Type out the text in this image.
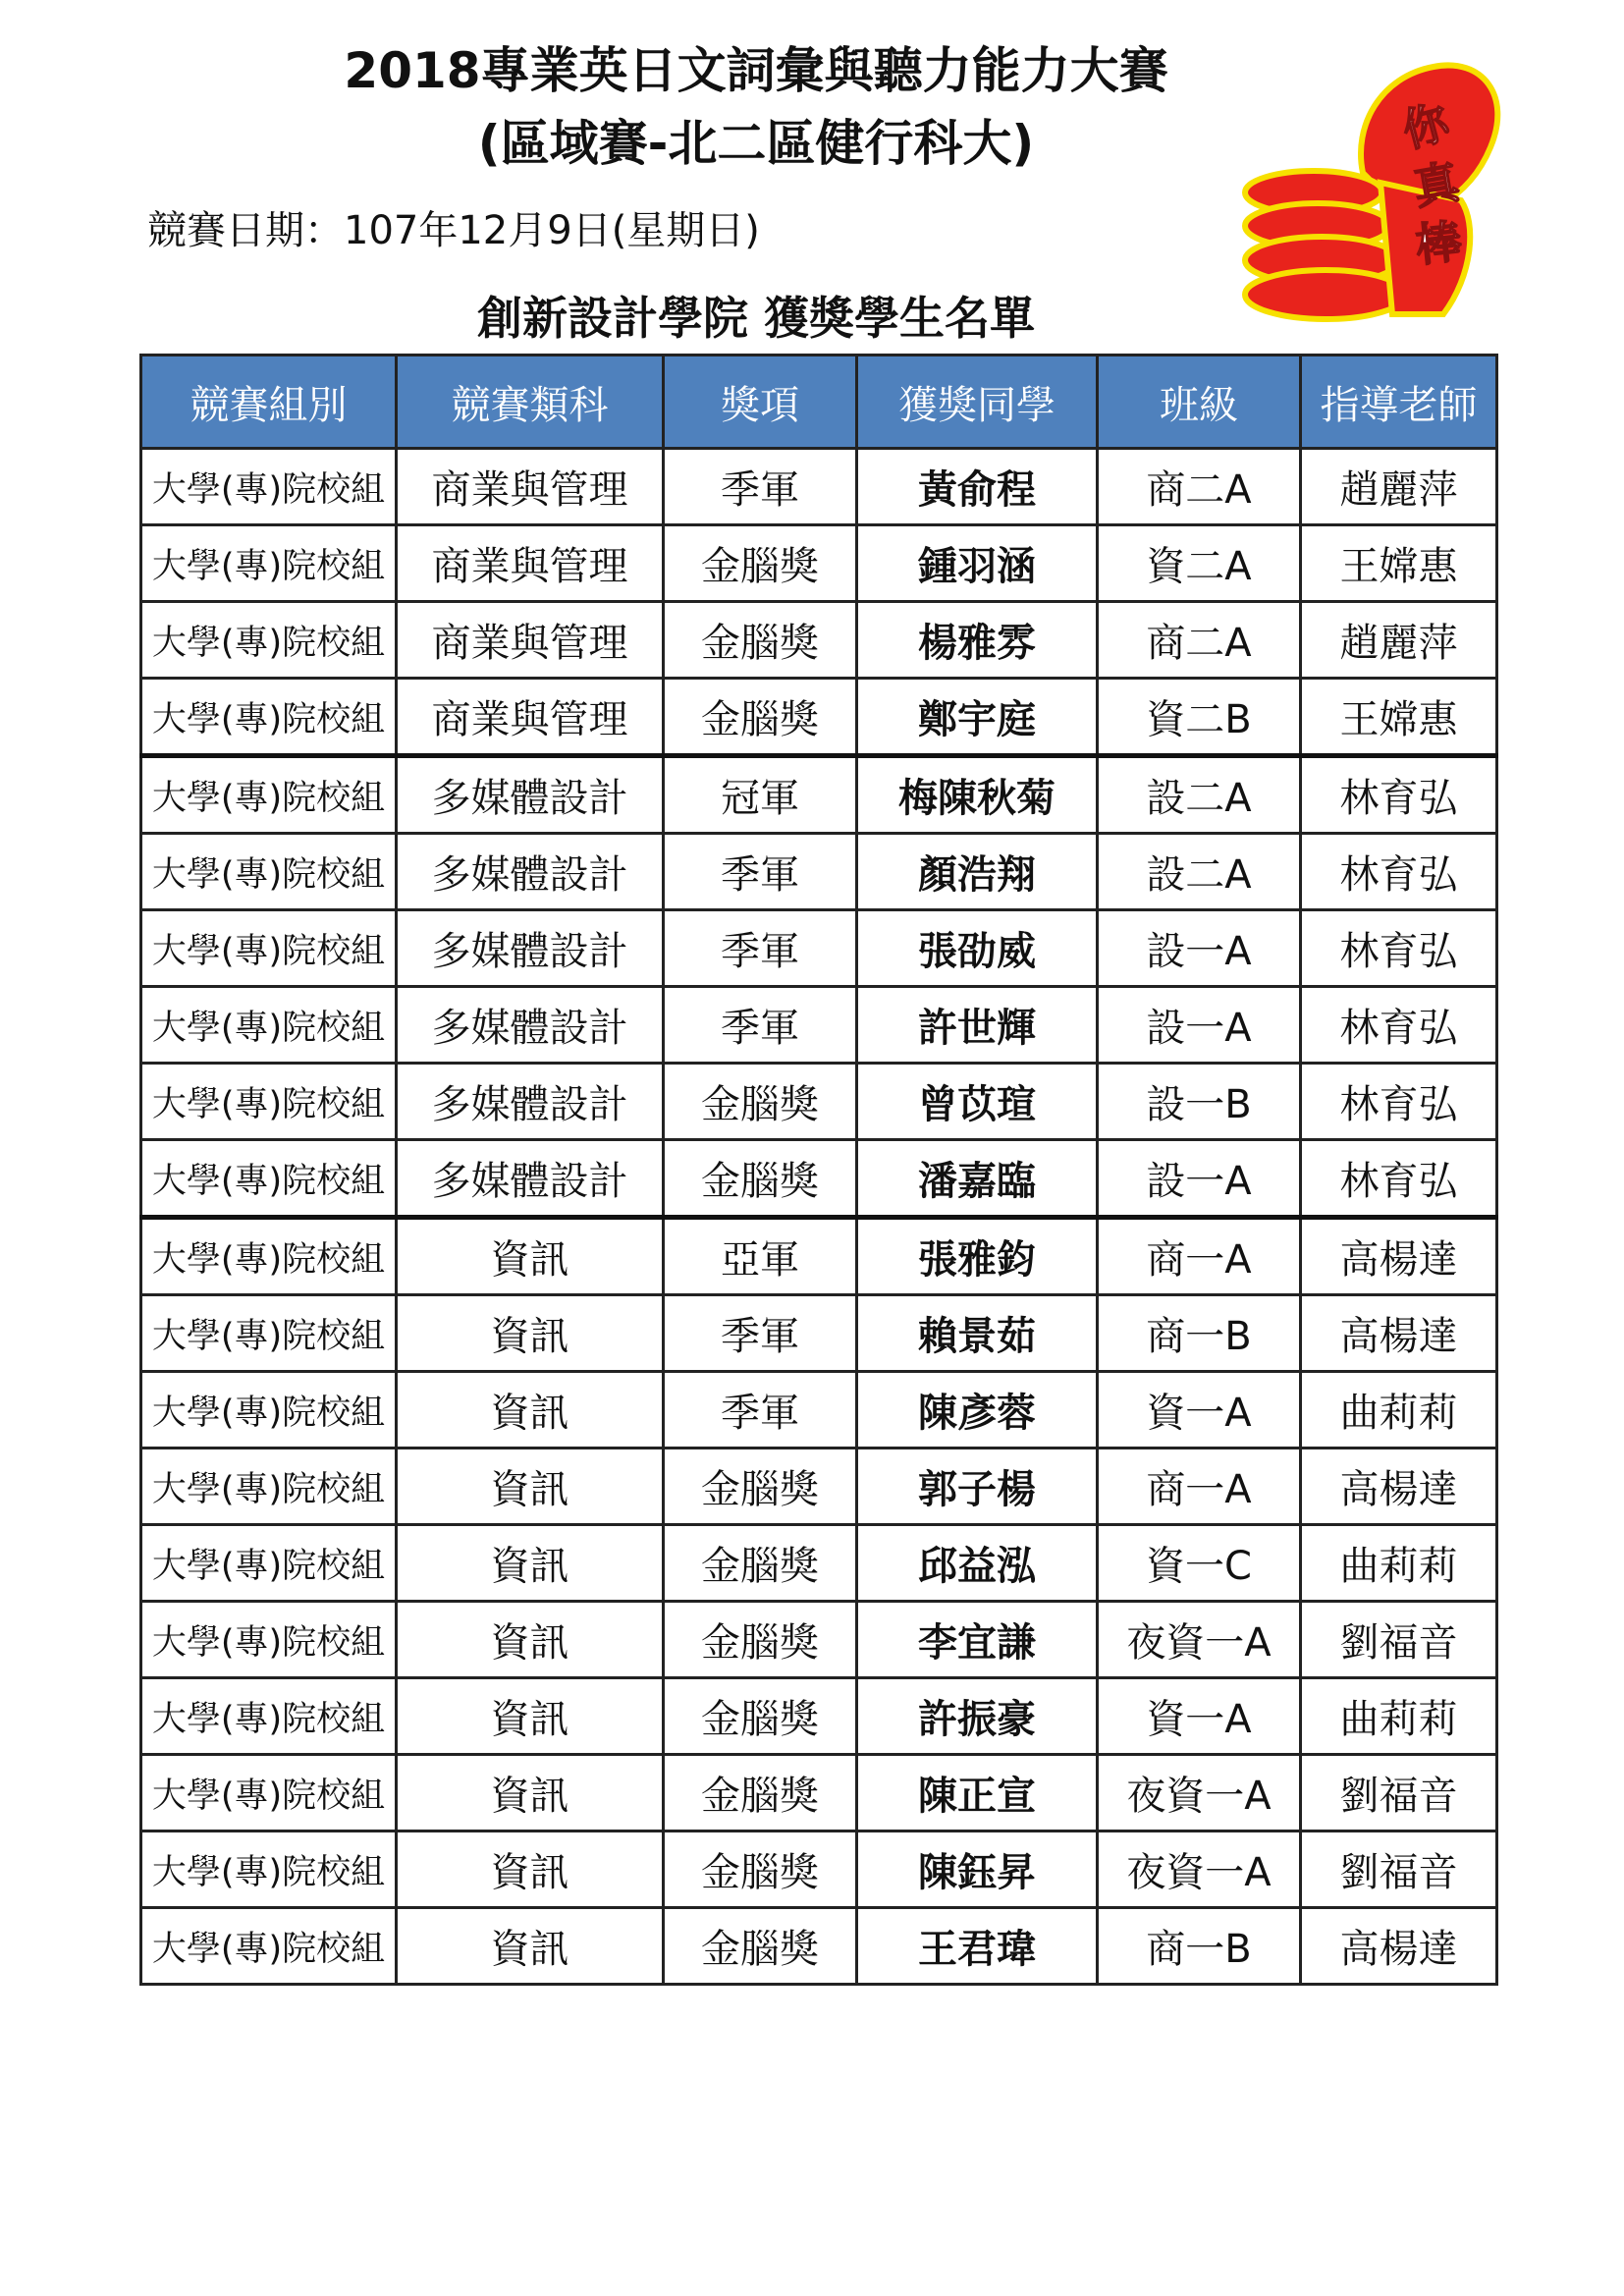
2018專業英日文詞彙與聽力能力大賽
(區域賽-北二區健行科大)
競賽日期：107年12月9日(星期日)
創新設計學院 獲獎學生名單
你
真
棒
競賽組別	競賽類科	獎項	獲獎同學	班級	指導老師
大學(專)院校組	商業與管理	季軍	黃俞程	商二A	趙麗萍
大學(專)院校組	商業與管理	金腦獎	鍾羽涵	資二A	王嫦惠
大學(專)院校組	商業與管理	金腦獎	楊雅雰	商二A	趙麗萍
大學(專)院校組	商業與管理	金腦獎	鄭宇庭	資二B	王嫦惠
大學(專)院校組	多媒體設計	冠軍	梅陳秋菊	設二A	林育弘
大學(專)院校組	多媒體設計	季軍	顏浩翔	設二A	林育弘
大學(專)院校組	多媒體設計	季軍	張劭威	設一A	林育弘
大學(專)院校組	多媒體設計	季軍	許世輝	設一A	林育弘
大學(專)院校組	多媒體設計	金腦獎	曾苡瑄	設一B	林育弘
大學(專)院校組	多媒體設計	金腦獎	潘嘉臨	設一A	林育弘
大學(專)院校組	資訊	亞軍	張雅鈞	商一A	高楊達
大學(專)院校組	資訊	季軍	賴景茹	商一B	高楊達
大學(專)院校組	資訊	季軍	陳彥蓉	資一A	曲莉莉
大學(專)院校組	資訊	金腦獎	郭子楊	商一A	高楊達
大學(專)院校組	資訊	金腦獎	邱益泓	資一C	曲莉莉
大學(專)院校組	資訊	金腦獎	李宜謙	夜資一A	劉福音
大學(專)院校組	資訊	金腦獎	許振豪	資一A	曲莉莉
大學(專)院校組	資訊	金腦獎	陳正宣	夜資一A	劉福音
大學(專)院校組	資訊	金腦獎	陳鈺昇	夜資一A	劉福音
大學(專)院校組	資訊	金腦獎	王君瑋	商一B	高楊達
